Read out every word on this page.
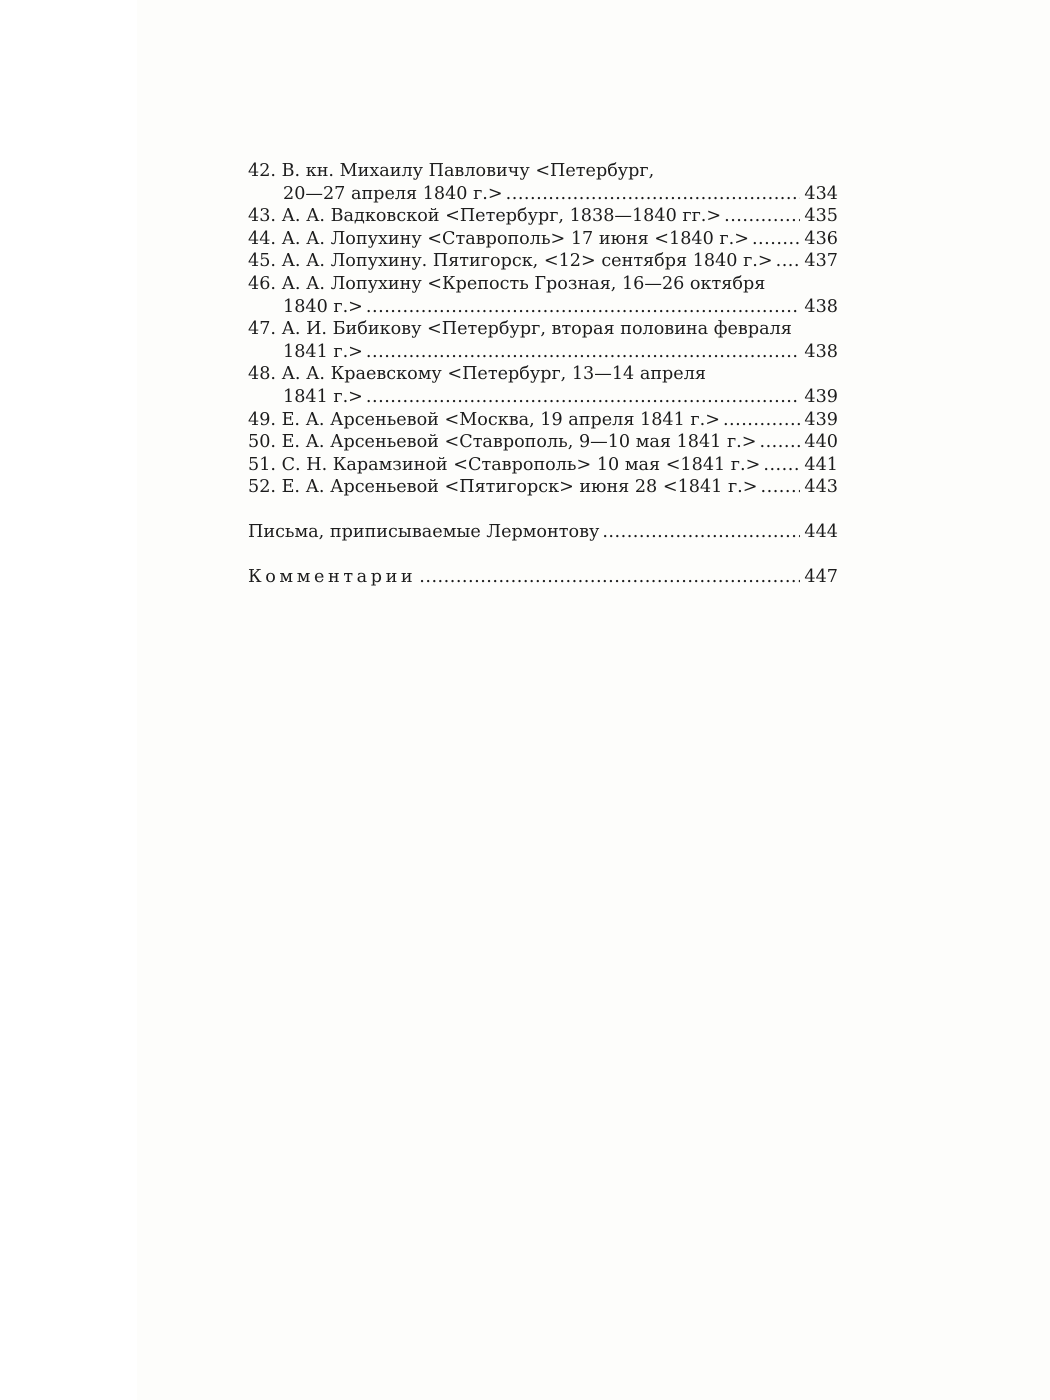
42.
В. кн. Михаилу Павловичу <Петербург,
20—27 апреля 1840 г.> .....	434
43.
А. А. Вадковской <Петербург, 1838—1840 гг.> .....	435
44.
А. А. Лопухину <Ставрополь> 17 июня <1840 г.> .....	436
45.
А. А. Лопухину. Пятигорск, <12> сентября 1840 г.> ..... 437
46.
А. А. Лопухину <Крепость Грозная, 16—26 октября
1840 г.> .....	438
47.
А. И. Бибикову <Петербург, вторая половина февраля
1841 г.> .....	438
48.
А. А. Краевскому <Петербург, 13—14 апреля
1841 г.> .....	439
49.
Е. А. Арсеньевой <Москва, 19 апреля 1841 г.> .....	439
50.
Е. А. Арсеньевой <Ставрополь, 9—10 мая 1841 г.> .....	440
51.
С. Н. Карамзиной <Ставрополь> 10 мая <1841 г.> .....	441
52.
Е. А. Арсеньевой <Пятигорск> июня 28 <1841 г.> .....	443
Письма, приписываемые Лермонтову .....	444
Комментарии .....	447
